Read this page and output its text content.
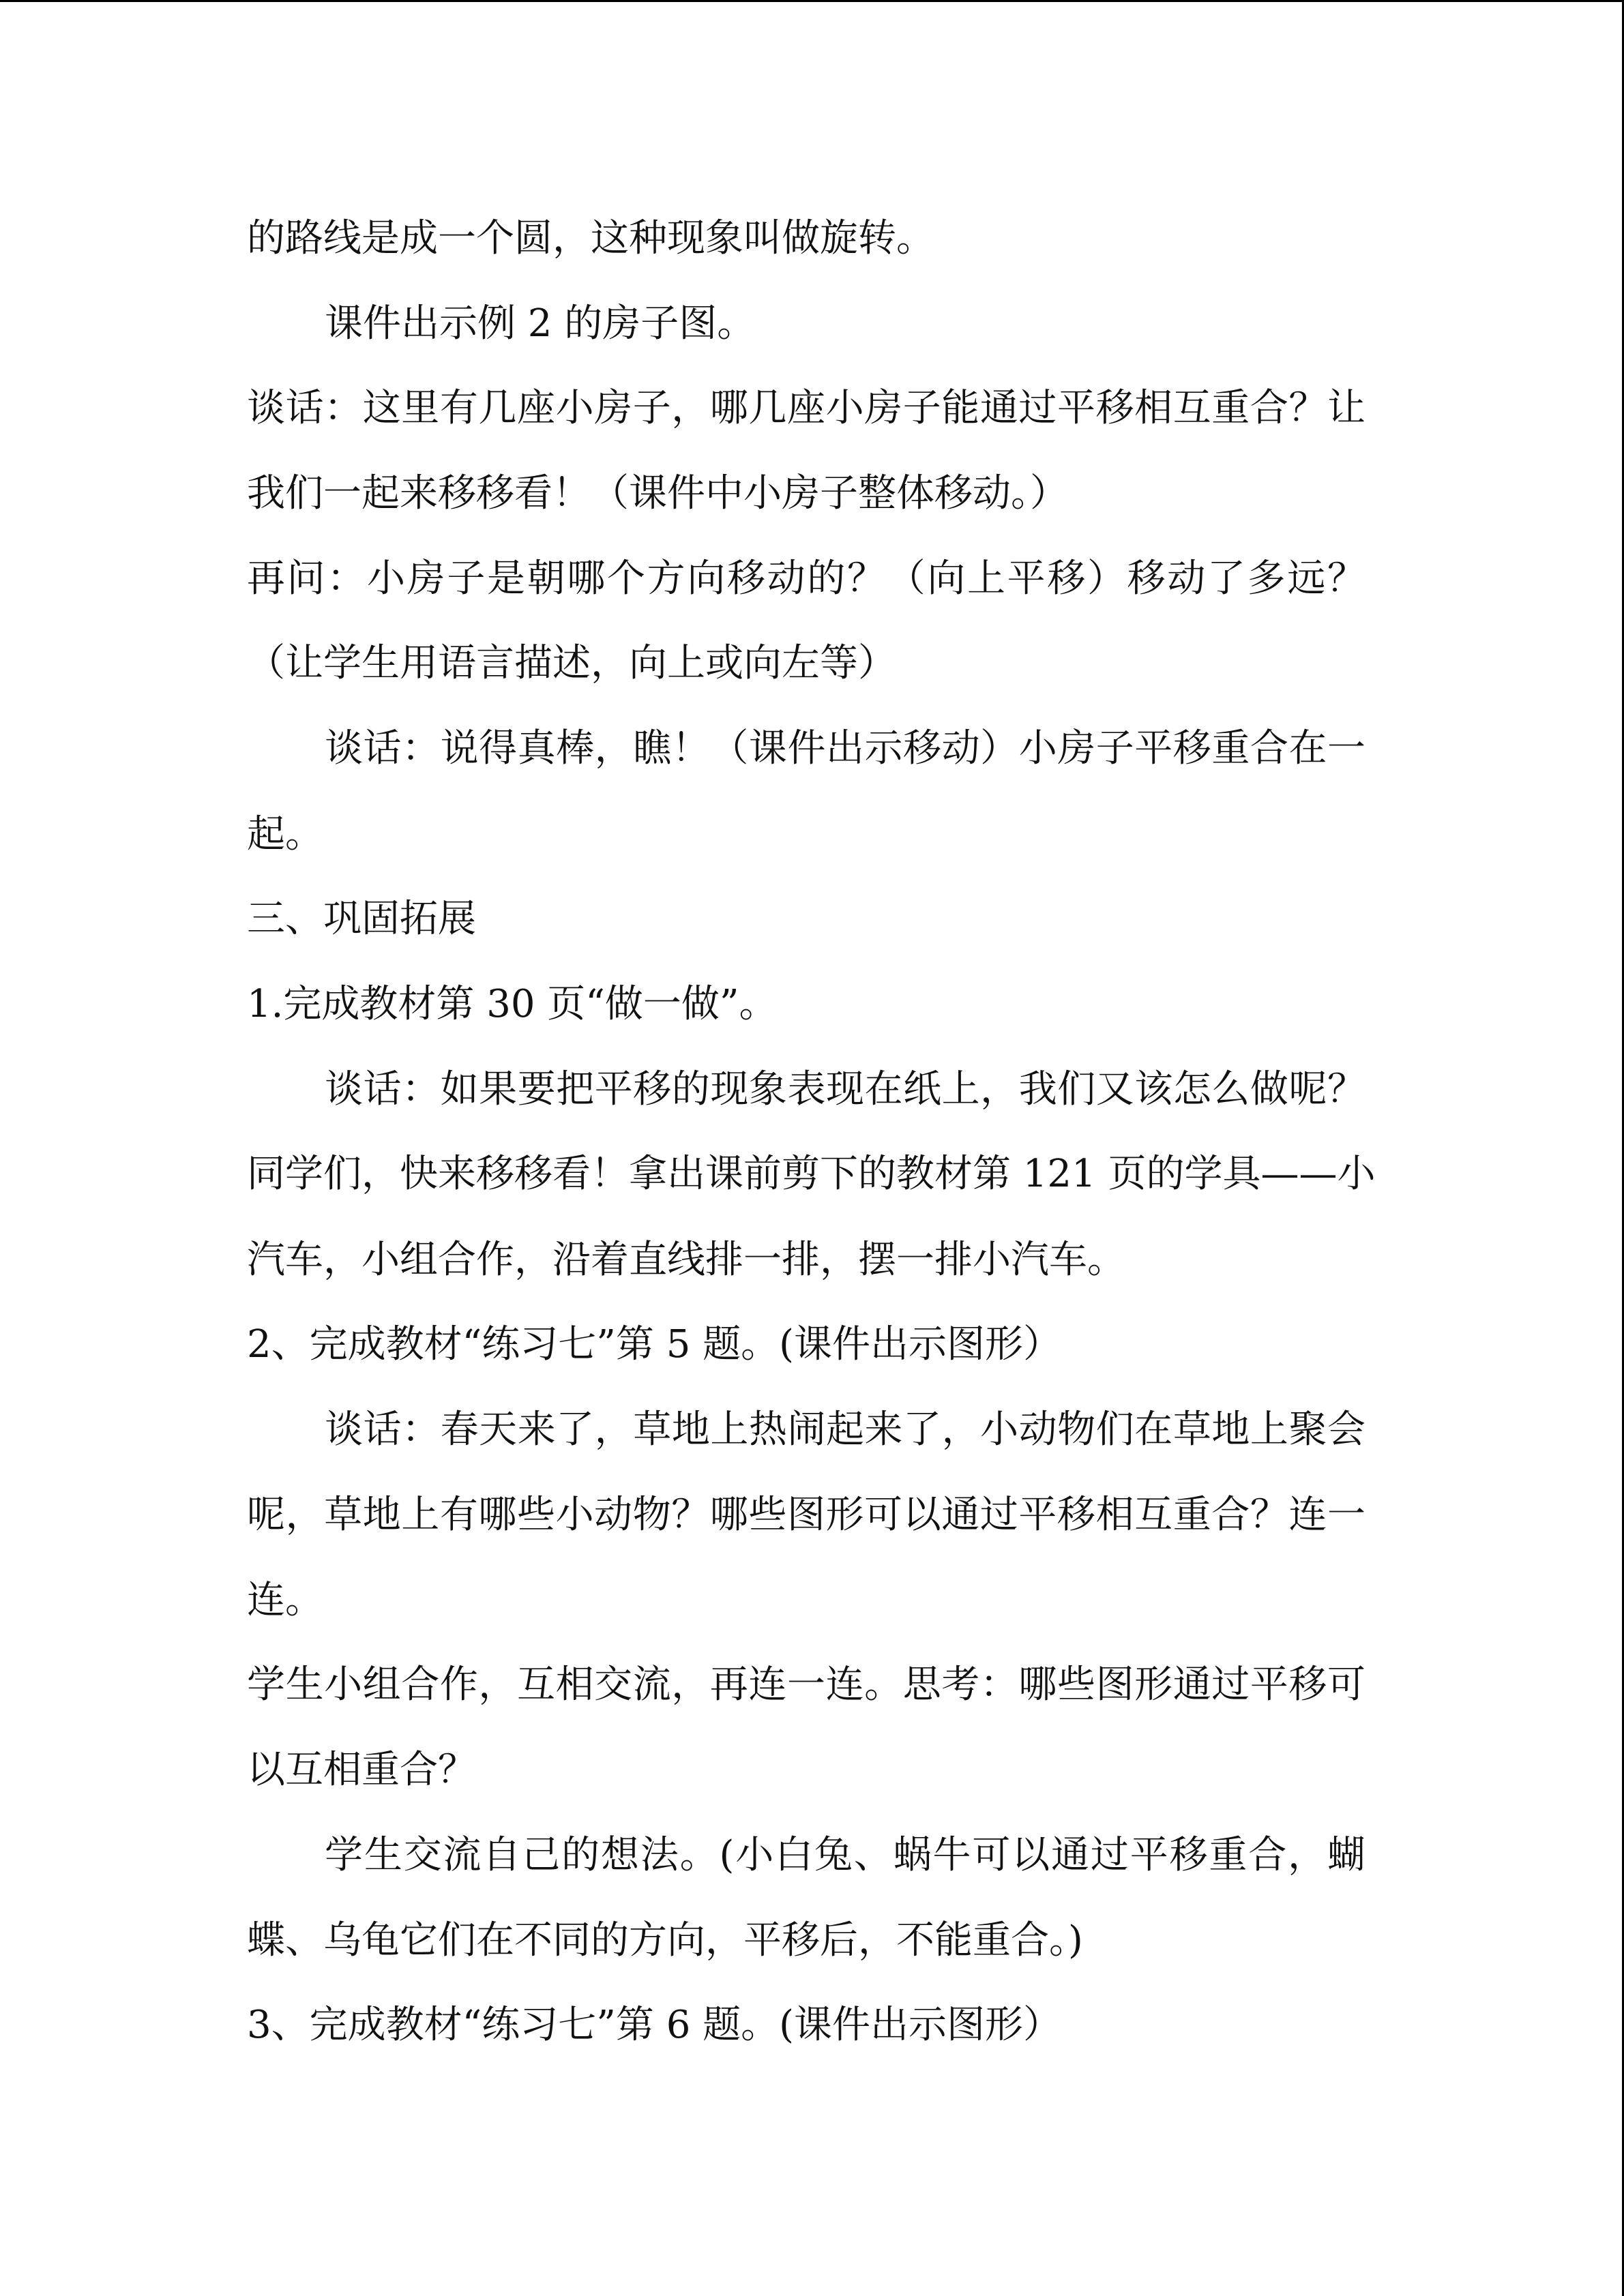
的路线是成一个圆，这种现象叫做旋转。
课件出示例 2 的房子图。
谈话：这里有几座小房子，哪几座小房子能通过平移相互重合？让
我们一起来移移看！（课件中小房子整体移动。）
再问：小房子是朝哪个方向移动的？（向上平移）移动了多远？
（让学生用语言描述，向上或向左等）
谈话：说得真棒，瞧！（课件出示移动）小房子平移重合在一
起。
三、巩固拓展
1.完成教材第 30 页“做一做”。
谈话：如果要把平移的现象表现在纸上，我们又该怎么做呢？
同学们，快来移移看！拿出课前剪下的教材第 121 页的学具——小
汽车，小组合作，沿着直线排一排，摆一排小汽车。
2、完成教材“练习七”第 5 题。(课件出示图形）
谈话：春天来了，草地上热闹起来了，小动物们在草地上聚会
呢，草地上有哪些小动物？哪些图形可以通过平移相互重合？连一
连。
学生小组合作，互相交流，再连一连。思考：哪些图形通过平移可
以互相重合？
学生交流自己的想法。(小白兔、蜗牛可以通过平移重合，蝴
蝶、乌龟它们在不同的方向，平移后，不能重合。)
3、完成教材“练习七”第 6 题。(课件出示图形）
